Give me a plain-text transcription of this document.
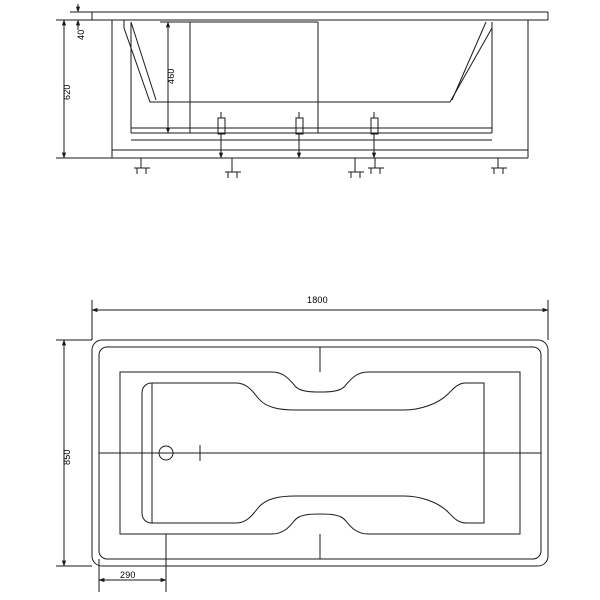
40
460
620
1800
850
290
